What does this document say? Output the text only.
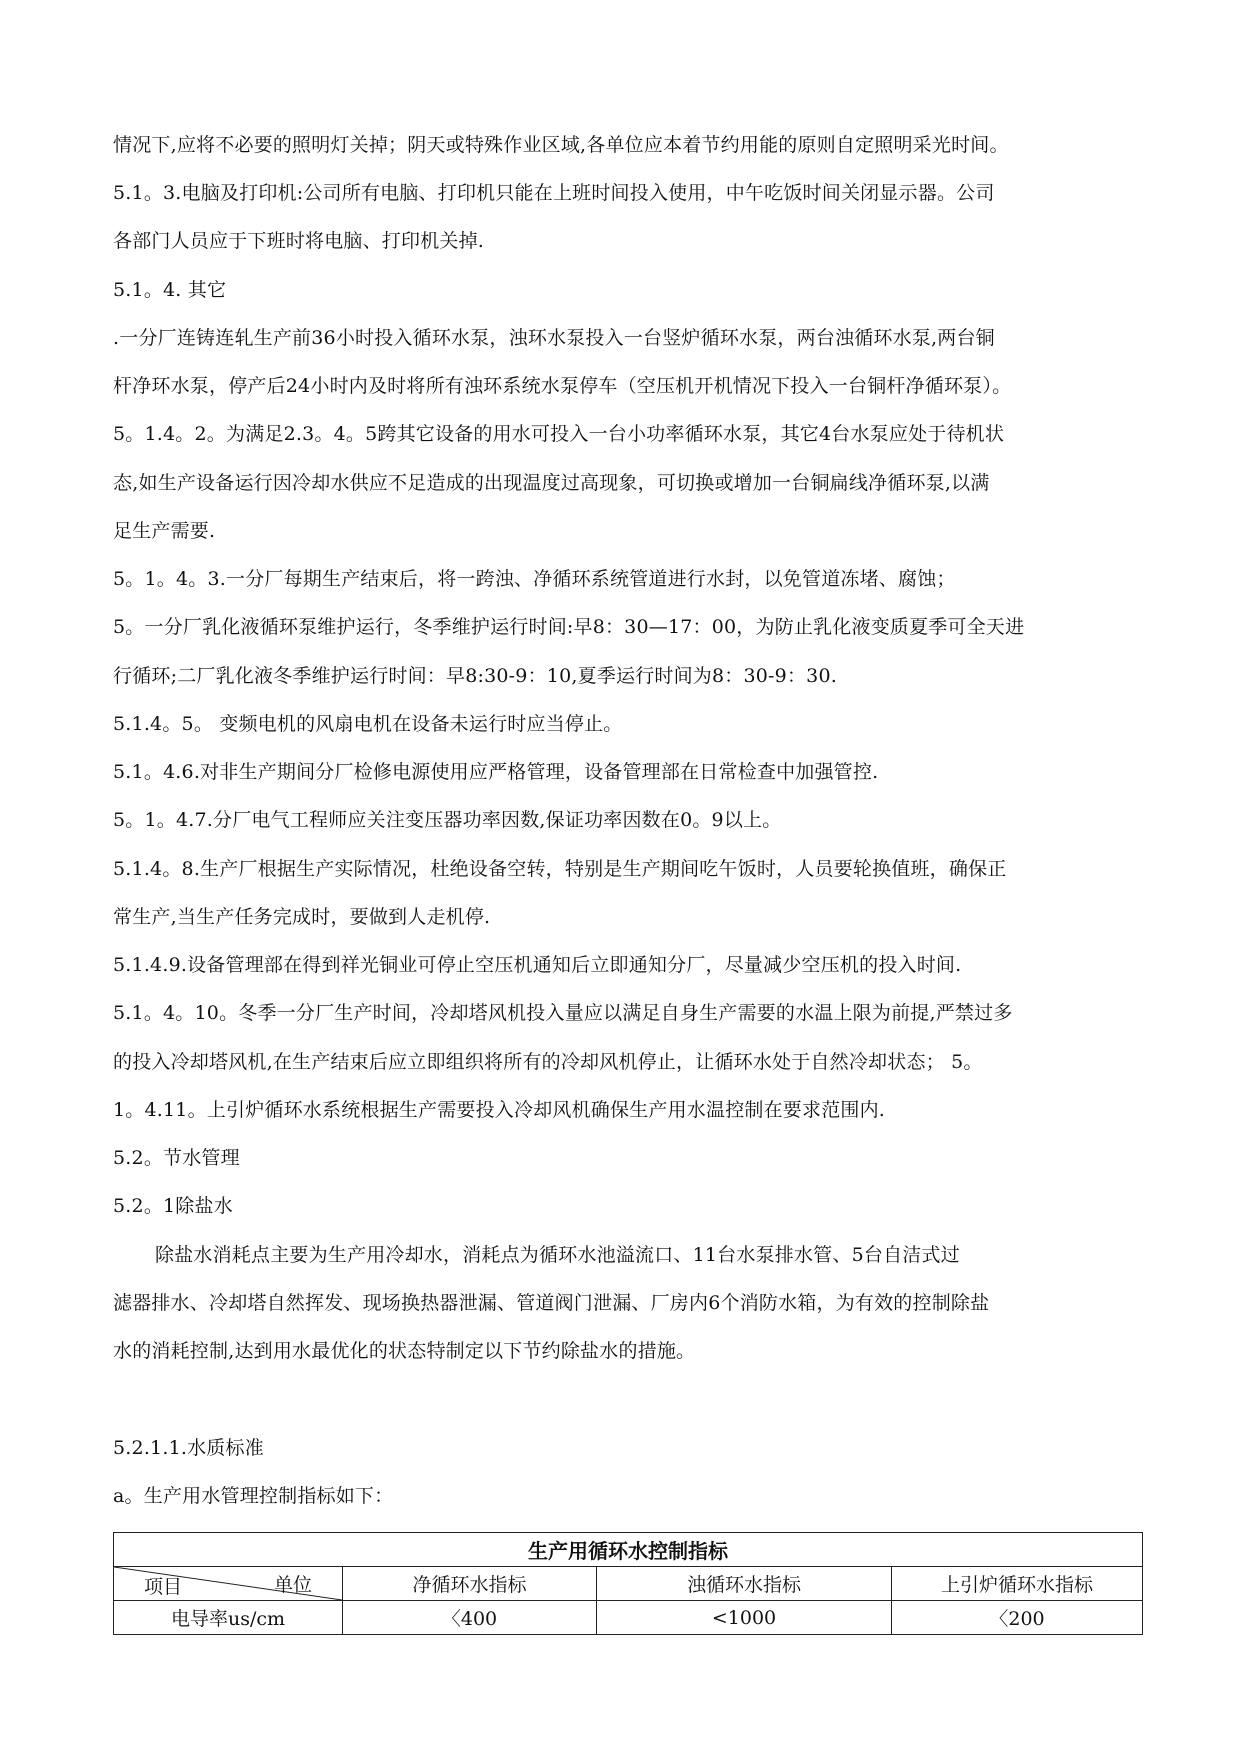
情况下,应将不必要的照明灯关掉；阴天或特殊作业区域,各单位应本着节约用能的原则自定照明采光时间。
5.1。3.电脑及打印机:公司所有电脑、打印机只能在上班时间投入使用，中午吃饭时间关闭显示器。公司
各部门人员应于下班时将电脑、打印机关掉.
5.1。4. 其它
.一分厂连铸连轧生产前36小时投入循环水泵，浊环水泵投入一台竖炉循环水泵，两台浊循环水泵,两台铜
杆净环水泵，停产后24小时内及时将所有浊环系统水泵停车（空压机开机情况下投入一台铜杆净循环泵）。
5。1.4。2。为满足2.3。4。5跨其它设备的用水可投入一台小功率循环水泵，其它4台水泵应处于待机状
态,如生产设备运行因冷却水供应不足造成的出现温度过高现象，可切换或增加一台铜扁线净循环泵,以满
足生产需要.
5。1。4。3.一分厂每期生产结束后，将一跨浊、净循环系统管道进行水封，以免管道冻堵、腐蚀；
5。一分厂乳化液循环泵维护运行，冬季维护运行时间:早8：30—17：00，为防止乳化液变质夏季可全天进
行循环;二厂乳化液冬季维护运行时间：早8:30-9：10,夏季运行时间为8：30-9：30.
5.1.4。5。 变频电机的风扇电机在设备未运行时应当停止。
5.1。4.6.对非生产期间分厂检修电源使用应严格管理，设备管理部在日常检查中加强管控.
5。1。4.7.分厂电气工程师应关注变压器功率因数,保证功率因数在0。9以上。
5.1.4。8.生产厂根据生产实际情况，杜绝设备空转，特别是生产期间吃午饭时，人员要轮换值班，确保正
常生产,当生产任务完成时，要做到人走机停.
5.1.4.9.设备管理部在得到祥光铜业可停止空压机通知后立即通知分厂，尽量减少空压机的投入时间.
5.1。4。10。冬季一分厂生产时间，冷却塔风机投入量应以满足自身生产需要的水温上限为前提,严禁过多
的投入冷却塔风机,在生产结束后应立即组织将所有的冷却风机停止，让循环水处于自然冷却状态； 5。
1。4.11。上引炉循环水系统根据生产需要投入冷却风机确保生产用水温控制在要求范围内.
5.2。节水管理
5.2。1除盐水
除盐水消耗点主要为生产用冷却水，消耗点为循环水池溢流口、11台水泵排水管、5台自洁式过
滤器排水、冷却塔自然挥发、现场换热器泄漏、管道阀门泄漏、厂房内6个消防水箱，为有效的控制除盐
水的消耗控制,达到用水最优化的状态特制定以下节约除盐水的措施。
5.2.1.1.水质标准
a。生产用水管理控制指标如下：
生产用循环水控制指标			

项目 单位	净循环水指标	浊循环水指标	上引炉循环水指标
电导率us/cm	〈400	<1000	〈200
